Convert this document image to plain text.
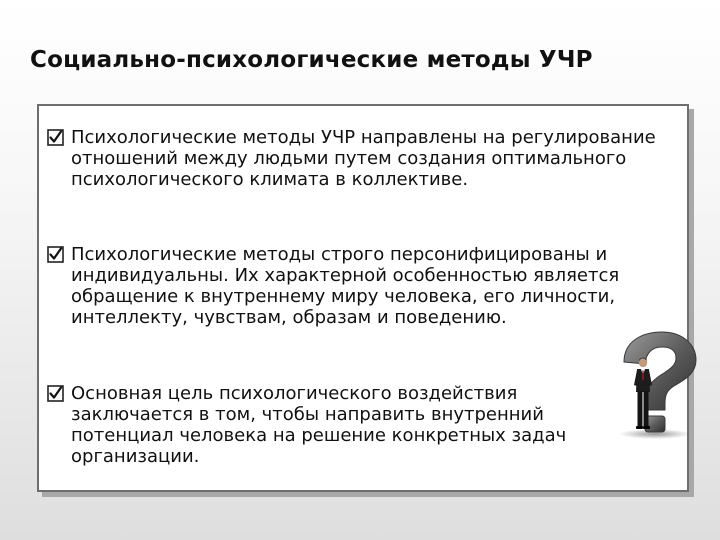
Социально-психологические методы УЧР
Психологические методы УЧР направлены на регулирование отношений между людьми путем создания оптимального психологического климата в коллективе.
Психологические методы строго персонифицированы и индивидуальны. Их характерной особенностью является обращение к внутреннему миру человека, его личности, интеллекту, чувствам, образам и поведению.
Основная цель психологического воздействия заключается в том, чтобы направить внутренний потенциал человека на решение конкретных задач организации.
